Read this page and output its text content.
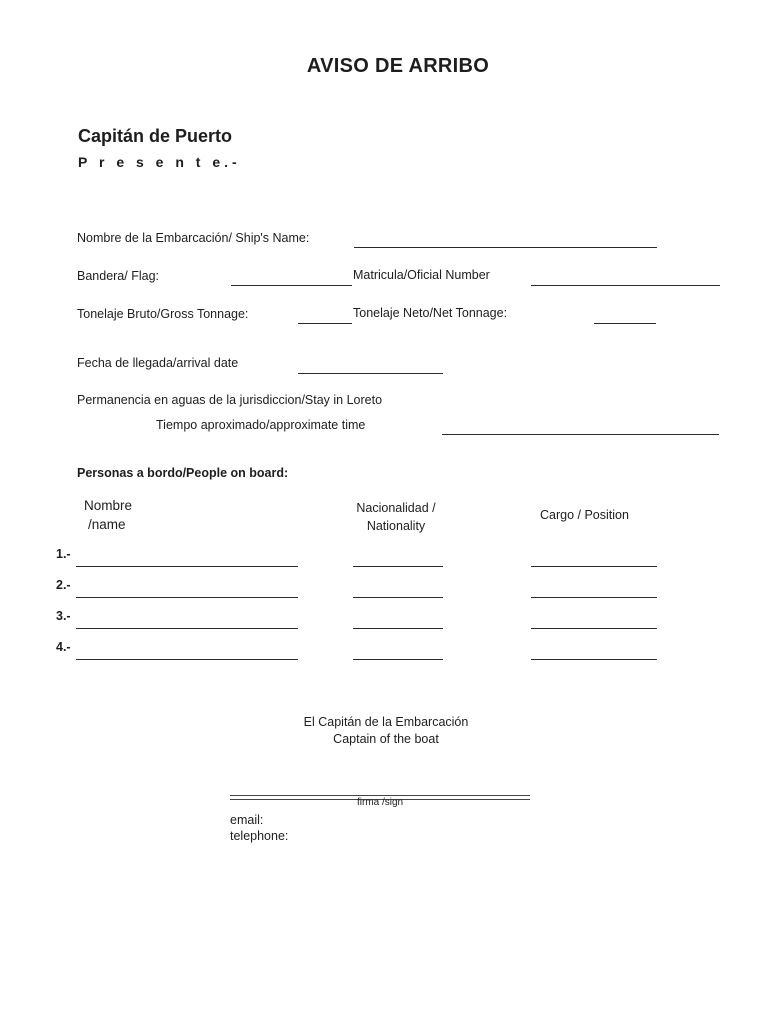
AVISO DE ARRIBO
Capitán de Puerto
P r e s e n t e.-
Nombre de la Embarcación/ Ship's Name:
Bandera/ Flag:	Matricula/Oficial Number
Tonelaje Bruto/Gross Tonnage:	Tonelaje Neto/Net Tonnage:
Fecha de llegada/arrival date
Permanencia en aguas de la jurisdiccion/Stay in Loreto
Tiempo aproximado/approximate time
Personas a bordo/People on board:
Nombre
/name
Nacionalidad /
Nationality
Cargo / Position
1.-
2.-
3.-
4.-
El Capitán de la Embarcación
Captain of the boat
firma /sign
email:
telephone:
